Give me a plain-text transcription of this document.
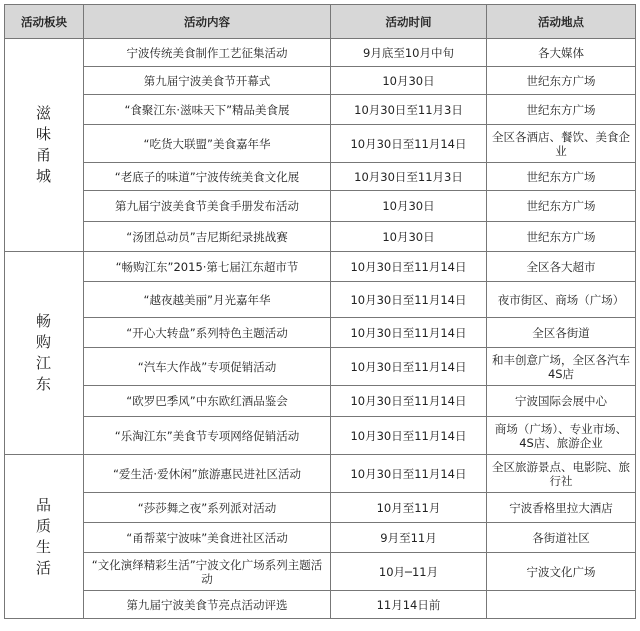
活动板块	活动内容	活动时间	活动地点
滋味甬城	宁波传统美食制作工艺征集活动	9月底至10月中旬	各大媒体
	第九届宁波美食节开幕式	10月30日	世纪东方广场
	“食聚江东·滋味天下”精品美食展	10月30日至11月3日	世纪东方广场
	“吃货大联盟”美食嘉年华	10月30日至11月14日	全区各酒店、餐饮、美食企业
	“老底子的味道”宁波传统美食文化展	10月30日至11月3日	世纪东方广场
	第九届宁波美食节美食手册发布活动	10月30日	世纪东方广场
	“汤团总动员”吉尼斯纪录挑战赛	10月30日	世纪东方广场
畅购江东	“畅购江东”2015·第七届江东超市节	10月30日至11月14日	全区各大超市
	“越夜越美丽”月光嘉年华	10月30日至11月14日	夜市街区、商场（广场）
	“开心大转盘”系列特色主题活动	10月30日至11月14日	全区各街道
	“汽车大作战”专项促销活动	10月30日至11月14日	和丰创意广场，全区各汽车4S店
	“欧罗巴季风”中东欧红酒品鉴会	10月30日至11月14日	宁波国际会展中心
	“乐淘江东”美食节专项网络促销活动	10月30日至11月14日	商场（广场）、专业市场、4S店、旅游企业
品质生活	“爱生活·爱休闲”旅游惠民进社区活动	10月30日至11月14日	全区旅游景点、电影院、旅行社
	“莎莎舞之夜”系列派对活动	10月至11月	宁波香格里拉大酒店
	“甬帮菜宁波味”美食进社区活动	9月至11月	各街道社区
	“文化演绎精彩生活”宁波文化广场系列主题活动	10月─11月	宁波文化广场
	第九届宁波美食节亮点活动评选	11月14日前	
